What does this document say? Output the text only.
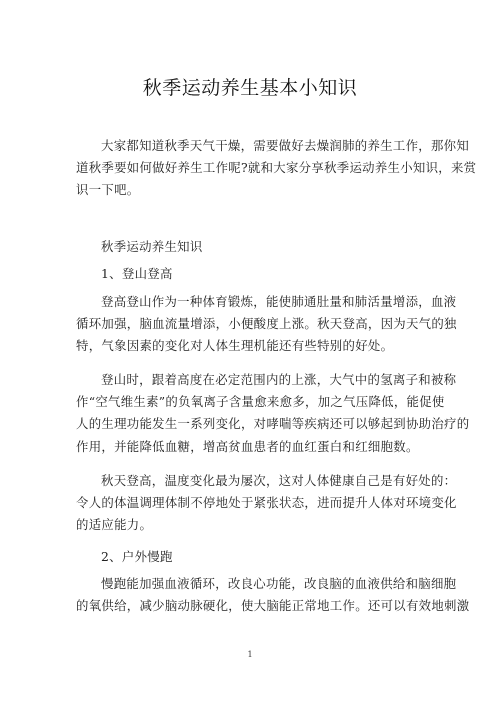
秋季运动养生基本小知识
大家都知道秋季天气干燥，需要做好去燥润肺的养生工作，那你知
道秋季要如何做好养生工作呢?就和大家分享秋季运动养生小知识，来赏
识一下吧。
秋季运动养生知识
1、登山登高
登高登山作为一种体育锻炼，能使肺通肚量和肺活量增添，血液
循环加强，脑血流量增添，小便酸度上涨。秋天登高，因为天气的独
特，气象因素的变化对人体生理机能还有些特别的好处。
登山时，跟着高度在必定范围内的上涨，大气中的氢离子和被称
作“空气维生素”的负氧离子含量愈来愈多，加之气压降低，能促使
人的生理功能发生一系列变化，对哮喘等疾病还可以够起到协助治疗的
作用，并能降低血糖，增高贫血患者的血红蛋白和红细胞数。
秋天登高，温度变化最为屡次，这对人体健康自己是有好处的：
令人的体温调理体制不停地处于紧张状态，进而提升人体对环境变化
的适应能力。
2、户外慢跑
慢跑能加强血液循环，改良心功能，改良脑的血液供给和脑细胞
的氧供给，减少脑动脉硬化，使大脑能正常地工作。还可以有效地刺激
1
